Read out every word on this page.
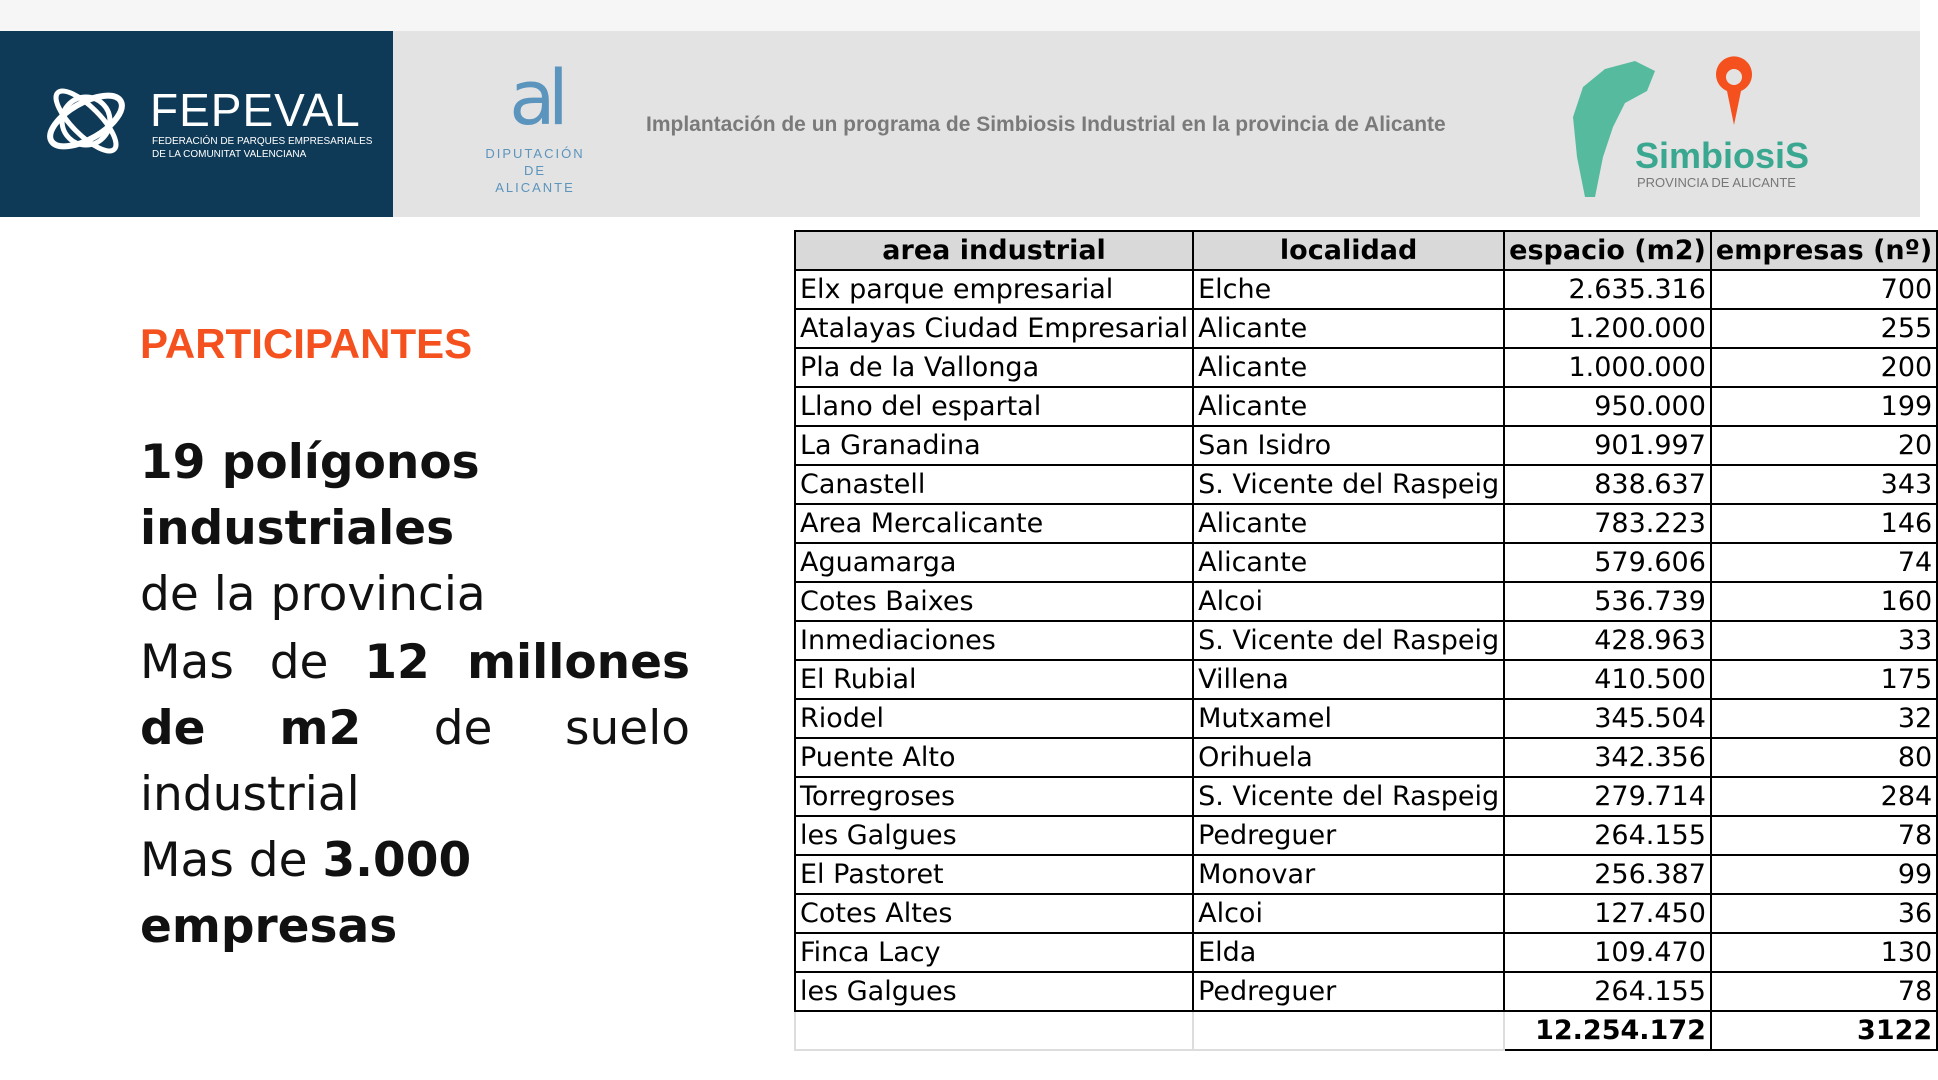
FEPEVAL
FEDERACIÓN DE PARQUES EMPRESARIALES
DE LA COMUNITAT VALENCIANA
al
DIPUTACIÓN
DE ALICANTE
Implantación de un programa de Simbiosis Industrial en la provincia de Alicante
SimbiosiS
PROVINCIA DE ALICANTE
PARTICIPANTES
19 polígonos industriales
de la provincia
Mas de 12 millones de m2 de suelo industrial
Mas de 3.000 empresas
area industrial	localidad	espacio (m2)	empresas (nº)
Elx parque empresarial	Elche	2.635.316	700
Atalayas Ciudad Empresarial	Alicante	1.200.000	255
Pla de la Vallonga	Alicante	1.000.000	200
Llano del espartal	Alicante	950.000	199
La Granadina	San Isidro	901.997	20
Canastell	S. Vicente del Raspeig	838.637	343
Area Mercalicante	Alicante	783.223	146
Aguamarga	Alicante	579.606	74
Cotes Baixes	Alcoi	536.739	160
Inmediaciones	S. Vicente del Raspeig	428.963	33
El Rubial	Villena	410.500	175
Riodel	Mutxamel	345.504	32
Puente Alto	Orihuela	342.356	80
Torregroses	S. Vicente del Raspeig	279.714	284
les Galgues	Pedreguer	264.155	78
El Pastoret	Monovar	256.387	99
Cotes Altes	Alcoi	127.450	36
Finca Lacy	Elda	109.470	130
les Galgues	Pedreguer	264.155	78
		12.254.172	3122
